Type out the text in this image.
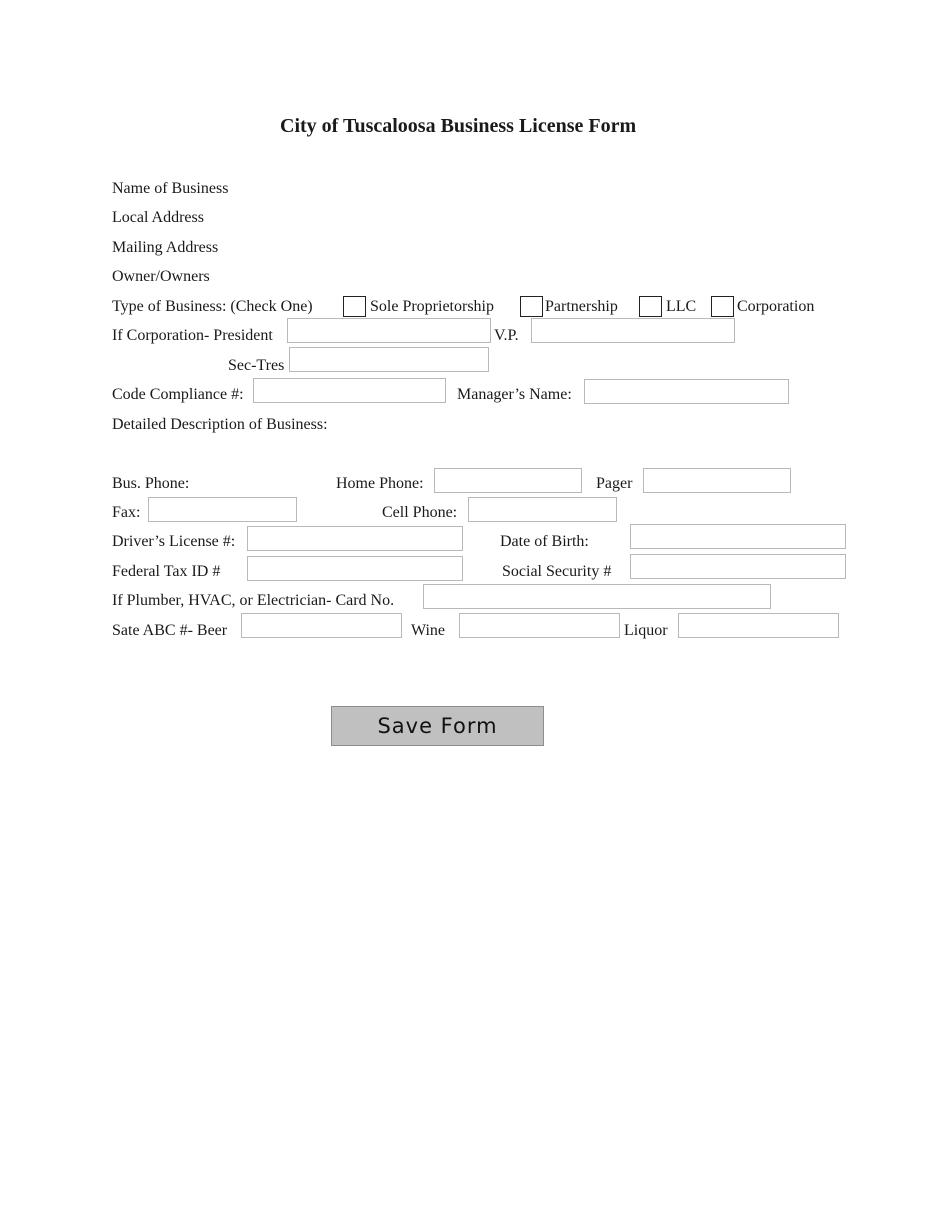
City of Tuscaloosa Business License Form
Name of Business
Local Address
Mailing Address
Owner/Owners
Type of Business: (Check One)	Sole Proprietorship	Partnership	LLC	Corporation
If Corporation- President	V.P.
Sec-Tres
Code Compliance #:	Manager’s Name:
Detailed Description of Business:
Bus. Phone:	Home Phone:	Pager
Fax:	Cell Phone:
Driver’s License #:	Date of Birth:
Federal Tax ID #	Social Security #
If Plumber, HVAC, or Electrician- Card No.
Sate ABC #- Beer	Wine	Liquor
Save Form
